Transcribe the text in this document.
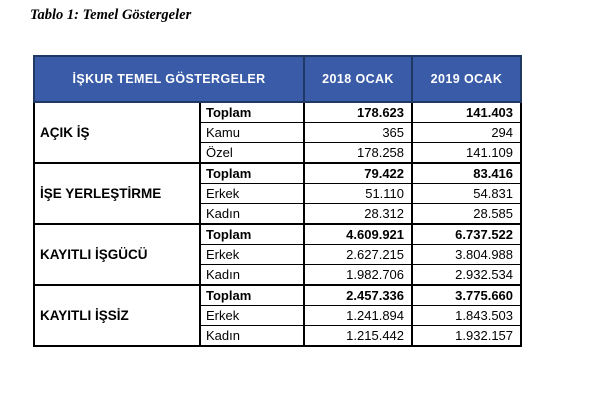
Tablo 1: Temel Göstergeler
İŞKUR TEMEL GÖSTERGELER		2018 OCAK	2019 OCAK
AÇIK İŞ	Toplam	178.623	141.403
	Kamu	365	294
	Özel	178.258	141.109
İŞE YERLEŞTİRME	Toplam	79.422	83.416
	Erkek	51.110	54.831
	Kadın	28.312	28.585
KAYITLI İŞGÜCÜ	Toplam	4.609.921	6.737.522
	Erkek	2.627.215	3.804.988
	Kadın	1.982.706	2.932.534
KAYITLI İŞSİZ	Toplam	2.457.336	3.775.660
	Erkek	1.241.894	1.843.503
	Kadın	1.215.442	1.932.157
